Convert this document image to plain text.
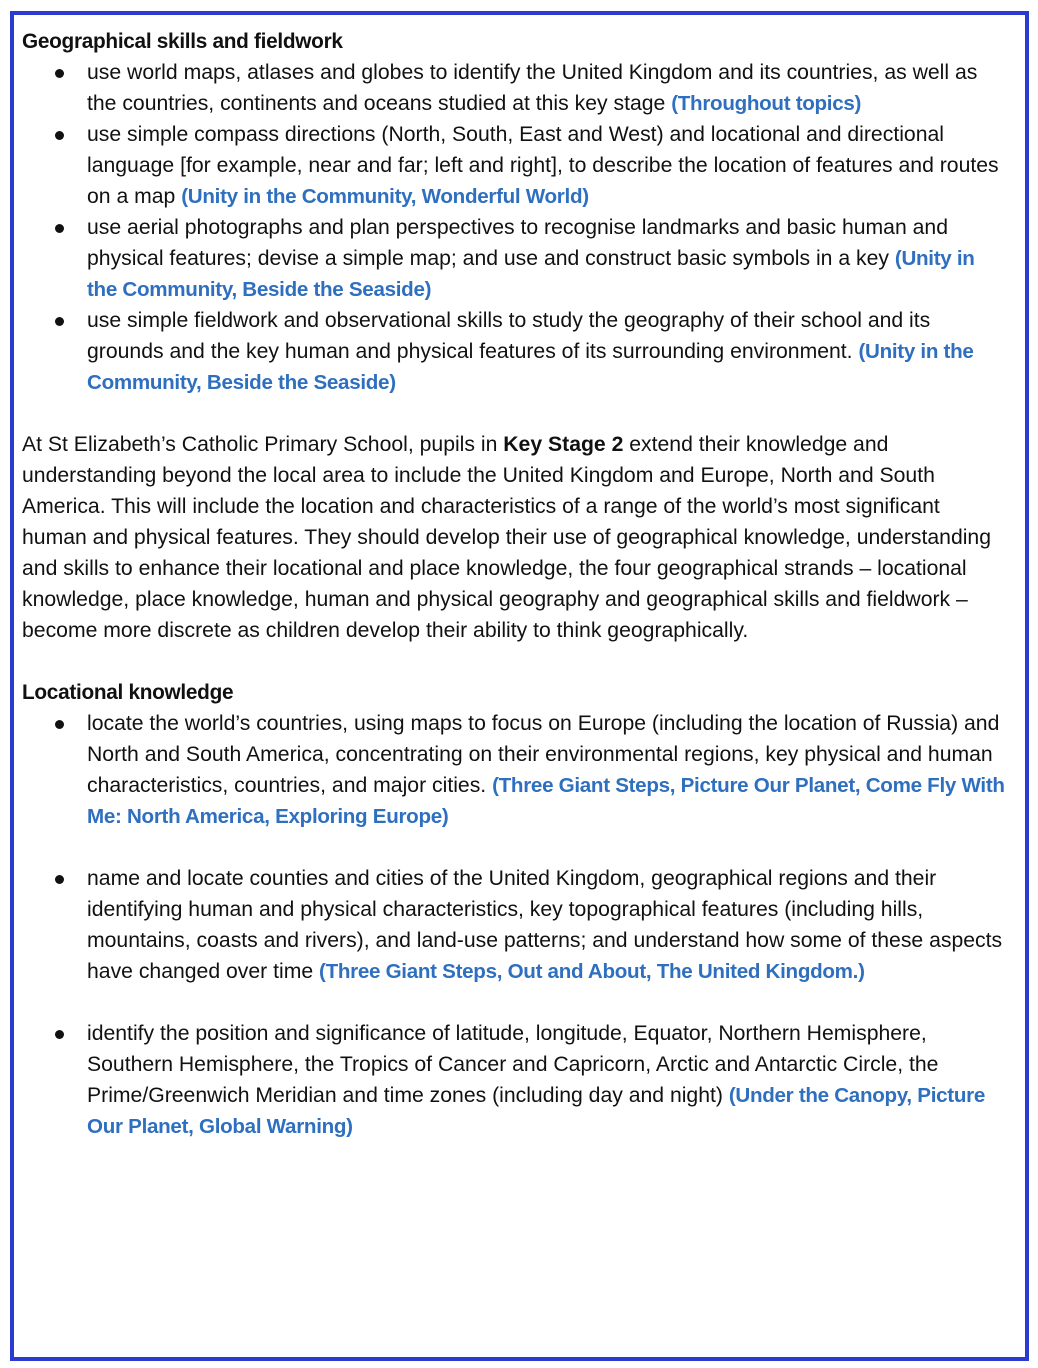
Geographical skills and fieldwork
use world maps, atlases and globes to identify the United Kingdom and its countries, as well as the countries, continents and oceans studied at this key stage (Throughout topics)
use simple compass directions (North, South, East and West) and locational and directional language [for example, near and far; left and right], to describe the location of features and routes on a map (Unity in the Community, Wonderful World)
use aerial photographs and plan perspectives to recognise landmarks and basic human and physical features; devise a simple map; and use and construct basic symbols in a key (Unity in the Community, Beside the Seaside)
use simple fieldwork and observational skills to study the geography of their school and its grounds and the key human and physical features of its surrounding environment. (Unity in the Community, Beside the Seaside)

At St Elizabeth’s Catholic Primary School, pupils in Key Stage 2 extend their knowledge and understanding beyond the local area to include the United Kingdom and Europe, North and South America. This will include the location and characteristics of a range of the world’s most significant human and physical features. They should develop their use of geographical knowledge, understanding and skills to enhance their locational and place knowledge, the four geographical strands – locational knowledge, place knowledge, human and physical geography and geographical skills and fieldwork – become more discrete as children develop their ability to think geographically.

Locational knowledge
locate the world’s countries, using maps to focus on Europe (including the location of Russia) and North and South America, concentrating on their environmental regions, key physical and human characteristics, countries, and major cities. (Three Giant Steps, Picture Our Planet, Come Fly With Me: North America, Exploring Europe)
name and locate counties and cities of the United Kingdom, geographical regions and their identifying human and physical characteristics, key topographical features (including hills, mountains, coasts and rivers), and land-use patterns; and understand how some of these aspects have changed over time (Three Giant Steps, Out and About, The United Kingdom.)
identify the position and significance of latitude, longitude, Equator, Northern Hemisphere, Southern Hemisphere, the Tropics of Cancer and Capricorn, Arctic and Antarctic Circle, the Prime/Greenwich Meridian and time zones (including day and night) (Under the Canopy, Picture Our Planet, Global Warning)
